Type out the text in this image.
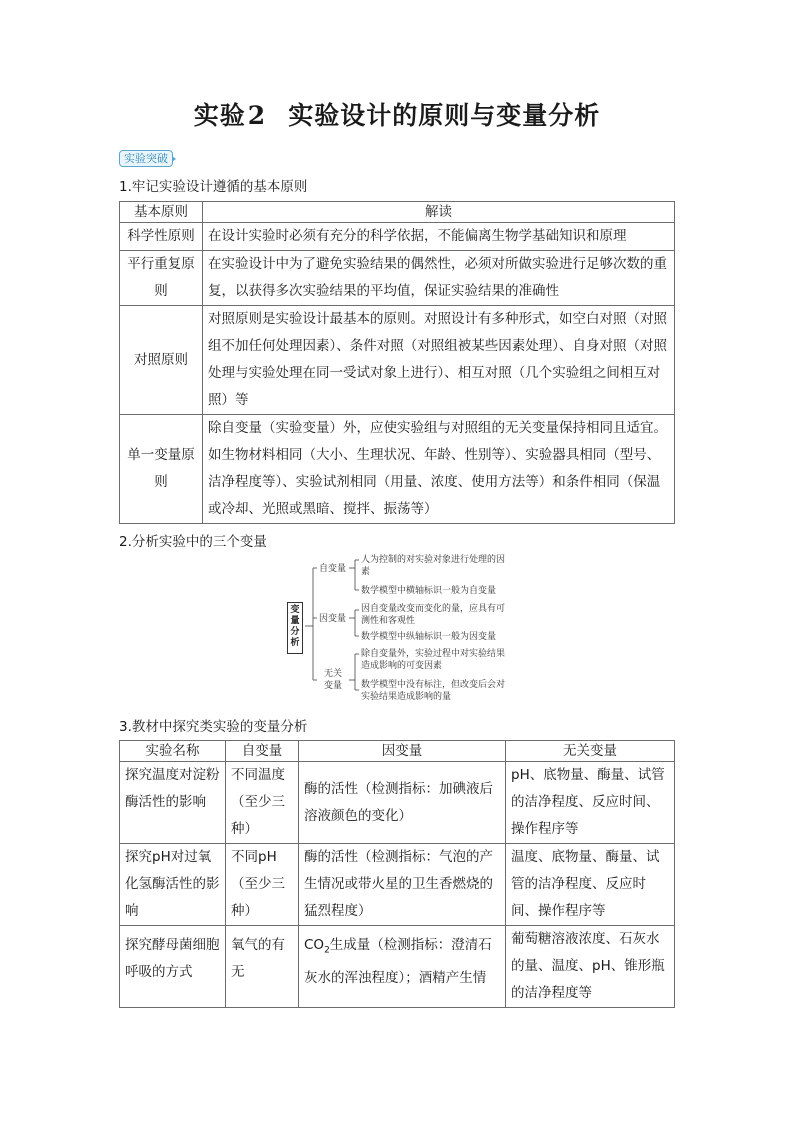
实验2 实验设计的原则与变量分析
实验突破
1.牢记实验设计遵循的基本原则
基本原则	解读
科学性原则	在设计实验时必须有充分的科学依据，不能偏离生物学基础知识和原理
平行重复原则	在实验设计中为了避免实验结果的偶然性，必须对所做实验进行足够次数的重复，以获得多次实验结果的平均值，保证实验结果的准确性
对照原则	对照原则是实验设计最基本的原则。对照设计有多种形式，如空白对照（对照组不加任何处理因素）、条件对照（对照组被某些因素处理）、自身对照（对照处理与实验处理在同一受试对象上进行）、相互对照（几个实验组之间相互对照）等
单一变量原则	除自变量（实验变量）外，应使实验组与对照组的无关变量保持相同且适宜。如生物材料相同（大小、生理状况、年龄、性别等）、实验器具相同（型号、洁净程度等）、实验试剂相同（用量、浓度、使用方法等）和条件相同（保温或冷却、光照或黑暗、搅拌、振荡等）
2.分析实验中的三个变量
变量分析
自变量
人为控制的对实验对象进行处理的因素
数学模型中横轴标识一般为自变量
因变量
因自变量改变而变化的量，应具有可测性和客观性
数学模型中纵轴标识一般为因变量
无关变量
除自变量外，实验过程中对实验结果造成影响的可变因素
数学模型中没有标注，但改变后会对实验结果造成影响的量
3.教材中探究类实验的变量分析
实验名称	自变量	因变量	无关变量
探究温度对淀粉酶活性的影响	不同温度（至少三种）	酶的活性（检测指标：加碘液后溶液颜色的变化）	pH、底物量、酶量、试管的洁净程度、反应时间、操作程序等
探究pH对过氧化氢酶活性的影响	不同pH（至少三种）	酶的活性（检测指标：气泡的产生情况或带火星的卫生香燃烧的猛烈程度）	温度、底物量、酶量、试管的洁净程度、反应时间、操作程序等
探究酵母菌细胞呼吸的方式	氧气的有无	$CO_2$生成量（检测指标：澄清石灰水的浑浊程度）；酒精产生情	葡萄糖溶液浓度、石灰水的量、温度、pH、锥形瓶的洁净程度等
